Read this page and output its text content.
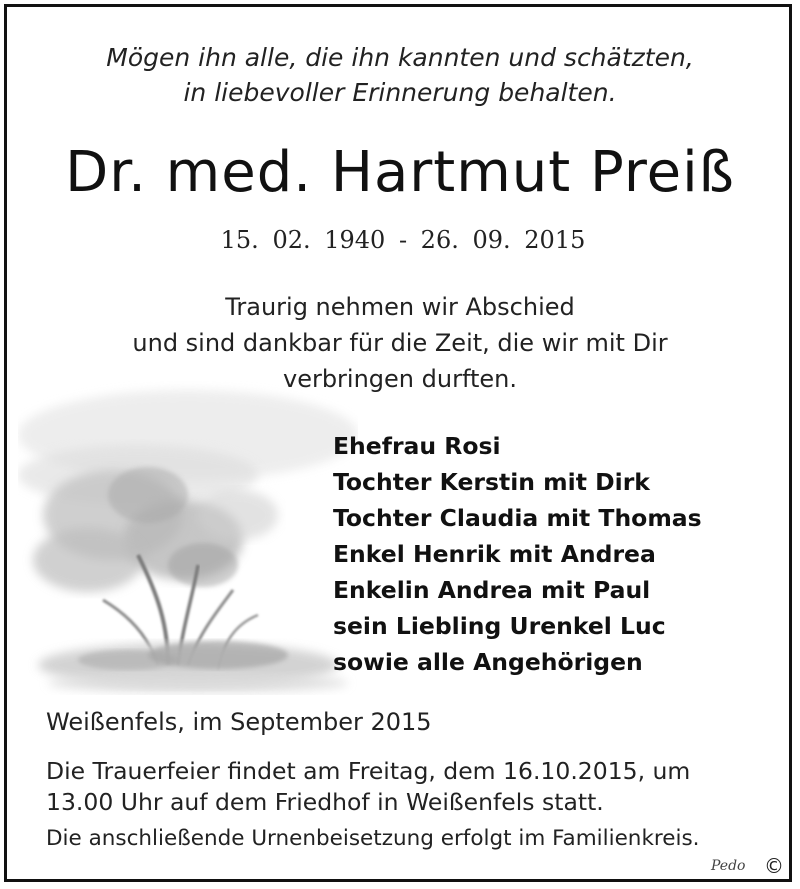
Mögen ihn alle, die ihn kannten und schätzten,
in liebevoller Erinnerung behalten.
Dr. med. Hartmut Preiß
15. 02. 1940 - 26. 09. 2015
Traurig nehmen wir Abschied
und sind dankbar für die Zeit, die wir mit Dir
verbringen durften.
Ehefrau Rosi
Tochter Kerstin mit Dirk
Tochter Claudia mit Thomas
Enkel Henrik mit Andrea
Enkelin Andrea mit Paul
sein Liebling Urenkel Luc
sowie alle Angehörigen
Weißenfels, im September 2015
Die Trauerfeier findet am Freitag, dem 16.10.2015, um
13.00 Uhr auf dem Friedhof in Weißenfels statt.
Die anschließende Urnenbeisetzung erfolgt im Familienkreis.
Pedo ©
